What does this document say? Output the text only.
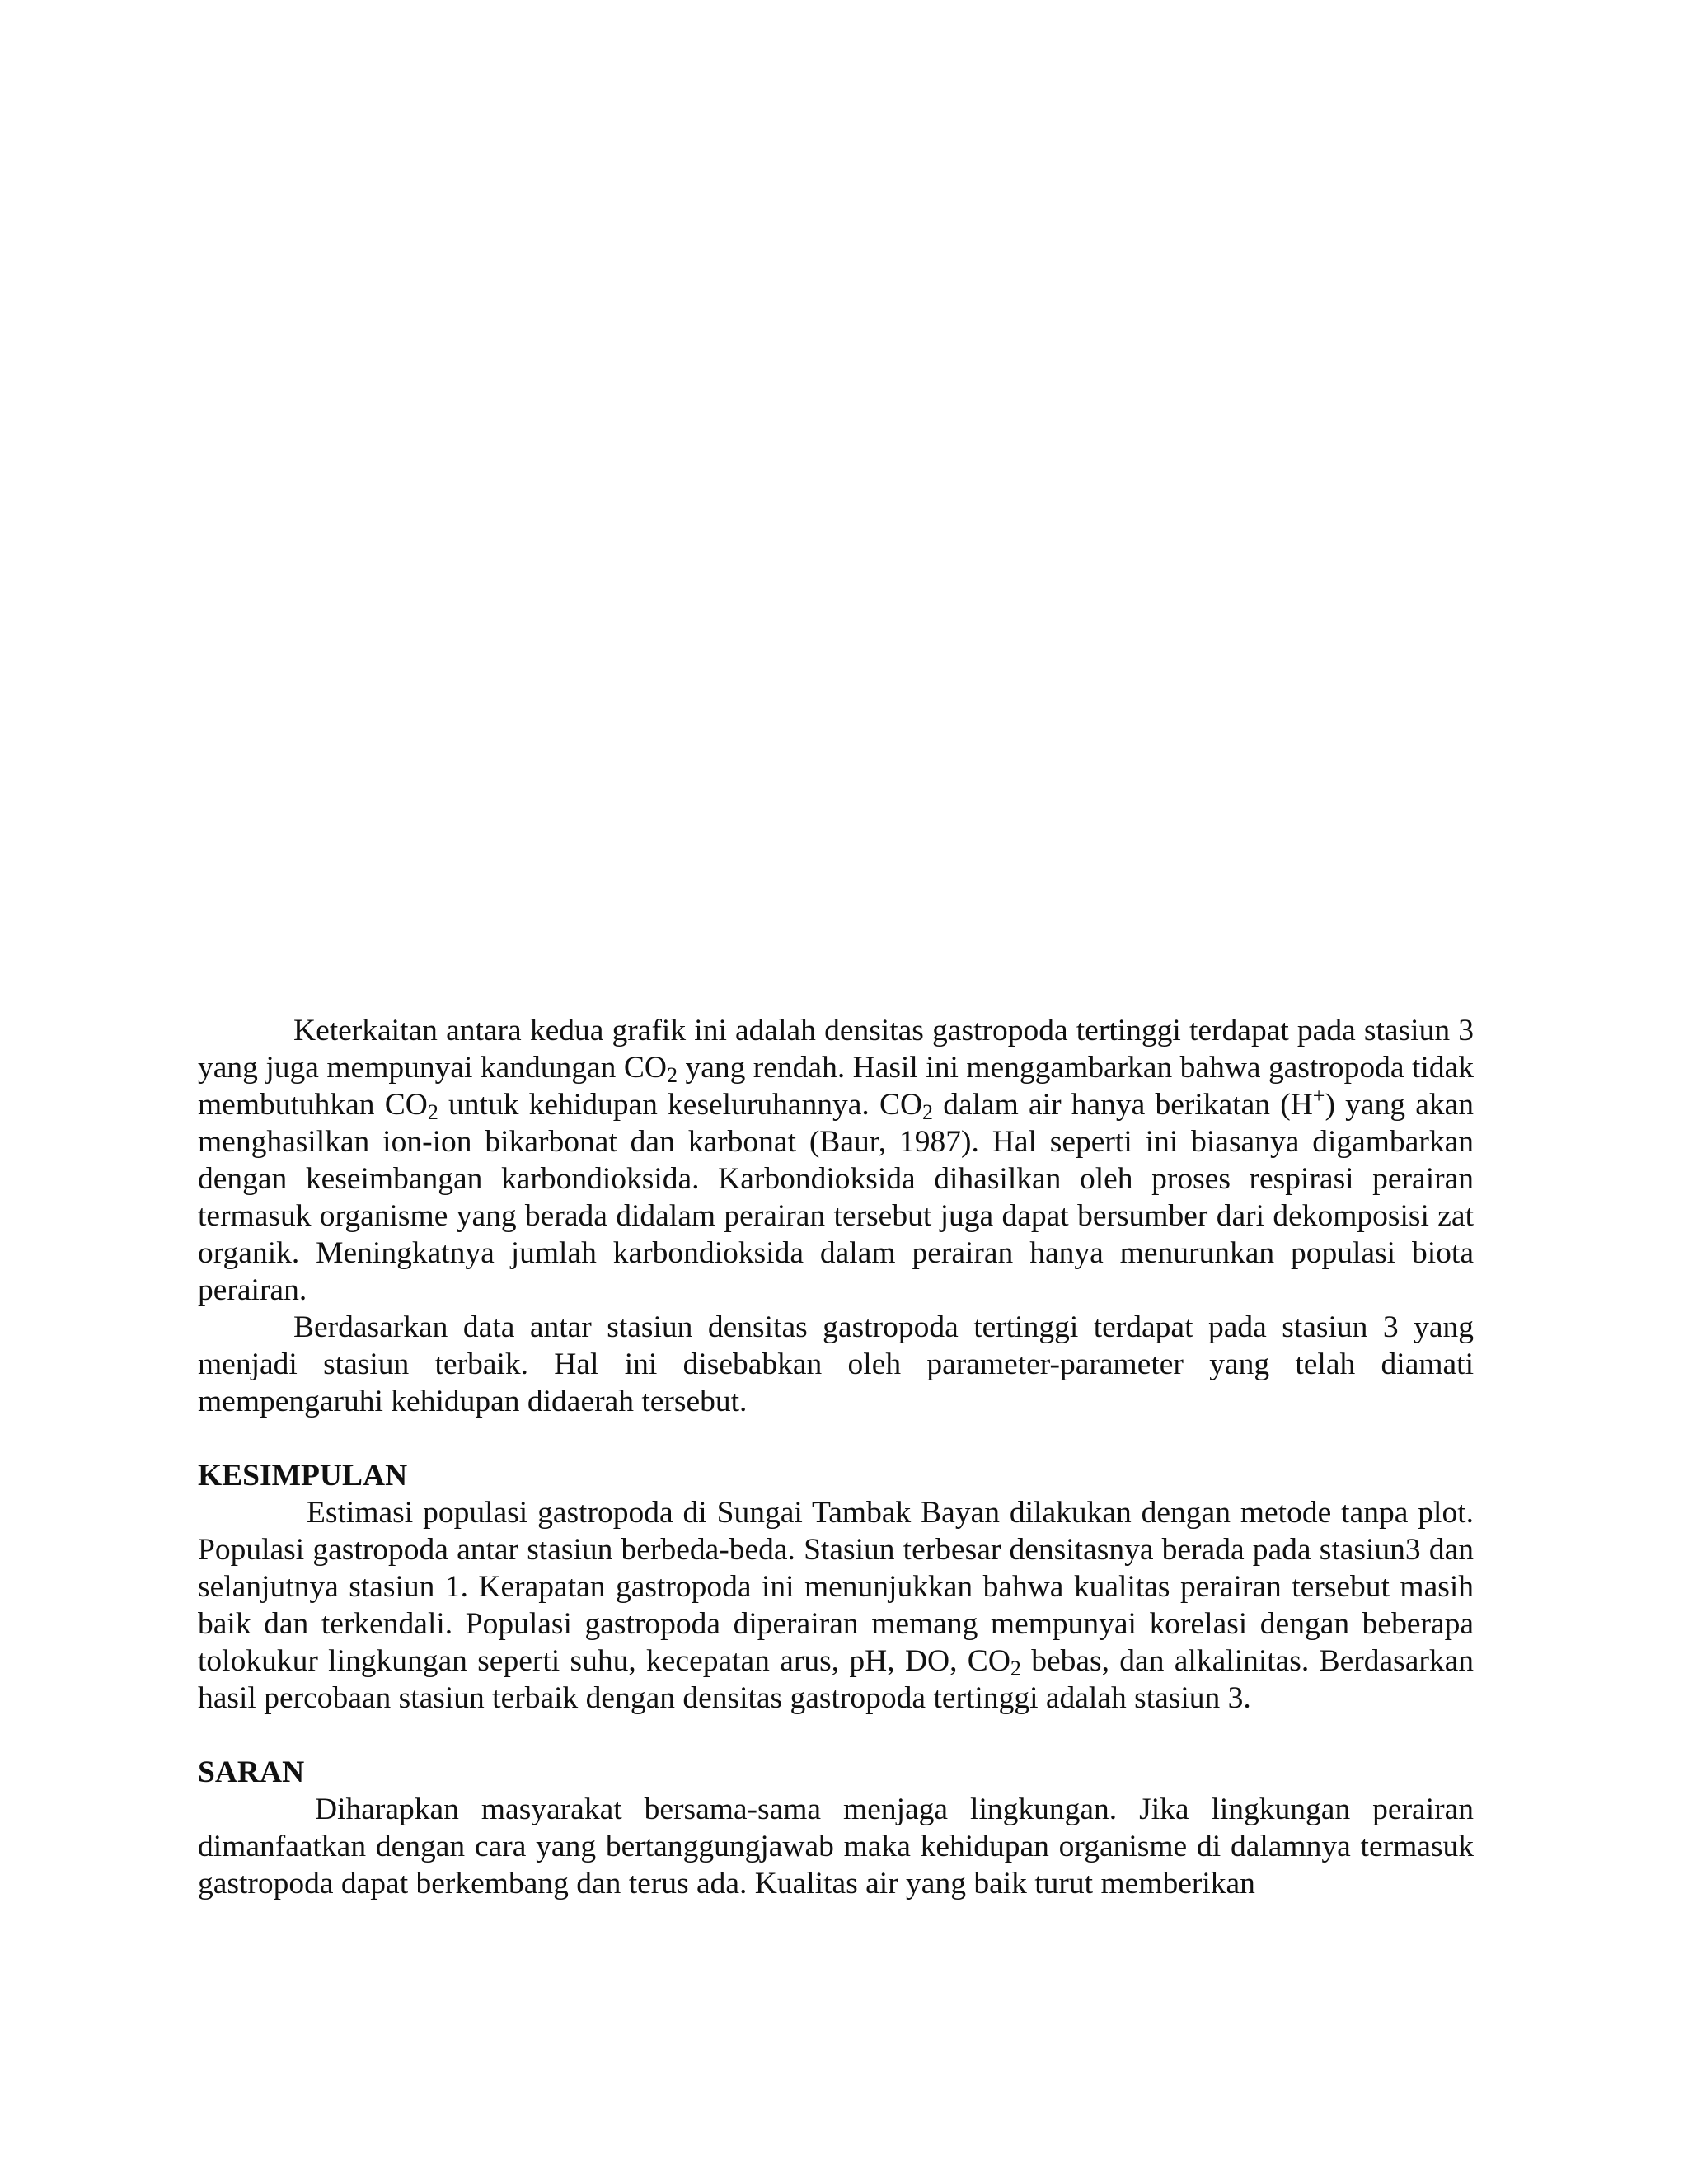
Keterkaitan antara kedua grafik ini adalah densitas gastropoda tertinggi terdapat pada stasiun 3 yang juga mempunyai kandungan $CO_2$ yang rendah. Hasil ini menggambarkan bahwa gastropoda tidak membutuhkan $CO_2$ untuk kehidupan keseluruhannya. $CO_2$ dalam air hanya berikatan (H+) yang akan menghasilkan ion-ion bikarbonat dan karbonat (Baur, 1987). Hal seperti ini biasanya digambarkan dengan keseimbangan karbondioksida. Karbondioksida dihasilkan oleh proses respirasi perairan termasuk organisme yang berada didalam perairan tersebut juga dapat bersumber dari dekomposisi zat organik. Meningkatnya jumlah karbondioksida dalam perairan hanya menurunkan populasi biota perairan.

Berdasarkan data antar stasiun densitas gastropoda tertinggi terdapat pada stasiun 3 yang menjadi stasiun terbaik. Hal ini disebabkan oleh parameter-parameter yang telah diamati mempengaruhi kehidupan didaerah tersebut.

KESIMPULAN

Estimasi populasi gastropoda di Sungai Tambak Bayan dilakukan dengan metode tanpa plot. Populasi gastropoda antar stasiun berbeda-beda. Stasiun terbesar densitasnya berada pada stasiun3 dan selanjutnya stasiun 1. Kerapatan gastropoda ini menunjukkan bahwa kualitas perairan tersebut masih baik dan terkendali. Populasi gastropoda diperairan memang mempunyai korelasi dengan beberapa tolokukur lingkungan seperti suhu, kecepatan arus, pH, DO, $CO_2$ bebas, dan alkalinitas. Berdasarkan hasil percobaan stasiun terbaik dengan densitas gastropoda tertinggi adalah stasiun 3.

SARAN

Diharapkan masyarakat bersama-sama menjaga lingkungan. Jika lingkungan perairan dimanfaatkan dengan cara yang bertanggungjawab maka kehidupan organisme di dalamnya termasuk gastropoda dapat berkembang dan terus ada. Kualitas air yang baik turut memberikan
